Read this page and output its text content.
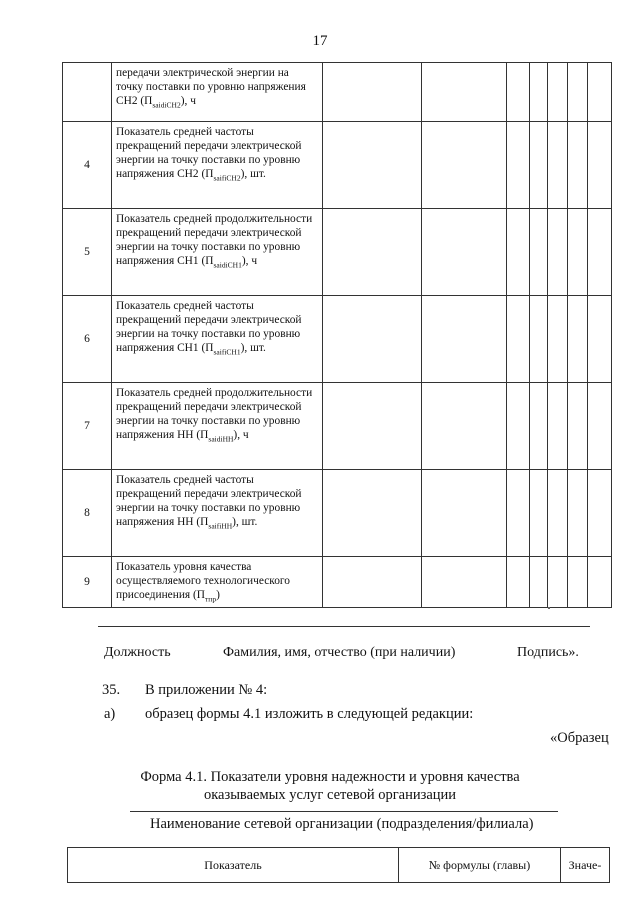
17
	передачи электрической энергии на точку поставки по уровню напряжения СН2 $(П_{saidiСН2})$, ч							
4	Показатель средней частоты прекращений передачи электрической энергии на точку поставки по уровню напряжения СН2 $(П_{saifiСН2})$, шт.							
5	Показатель средней продолжительности прекращений передачи электрической энергии на точку поставки по уровню напряжения СН1 $(П_{saidiСН1})$, ч							
6	Показатель средней частоты прекращений передачи электрической энергии на точку поставки по уровню напряжения СН1 $(П_{saifiСН1})$, шт.							
7	Показатель средней продолжительности прекращений передачи электрической энергии на точку поставки по уровню напряжения НН $(П_{saidiНН})$, ч							
8	Показатель средней частоты прекращений передачи электрической энергии на точку поставки по уровню напряжения НН $(П_{saifiНН})$, шт.							
9	Показатель уровня качества осуществляемого технологического присоединения $(П_{тпр})$							
Должность	Фамилия, имя, отчество (при наличии)	Подпись».
35. В приложении № 4:
а) образец формы 4.1 изложить в следующей редакции:
«Образец
Форма 4.1. Показатели уровня надежности и уровня качества
оказываемых услуг сетевой организации
Наименование сетевой организации (подразделения/филиала)
Показатель	№ формулы (главы)	Значе-
